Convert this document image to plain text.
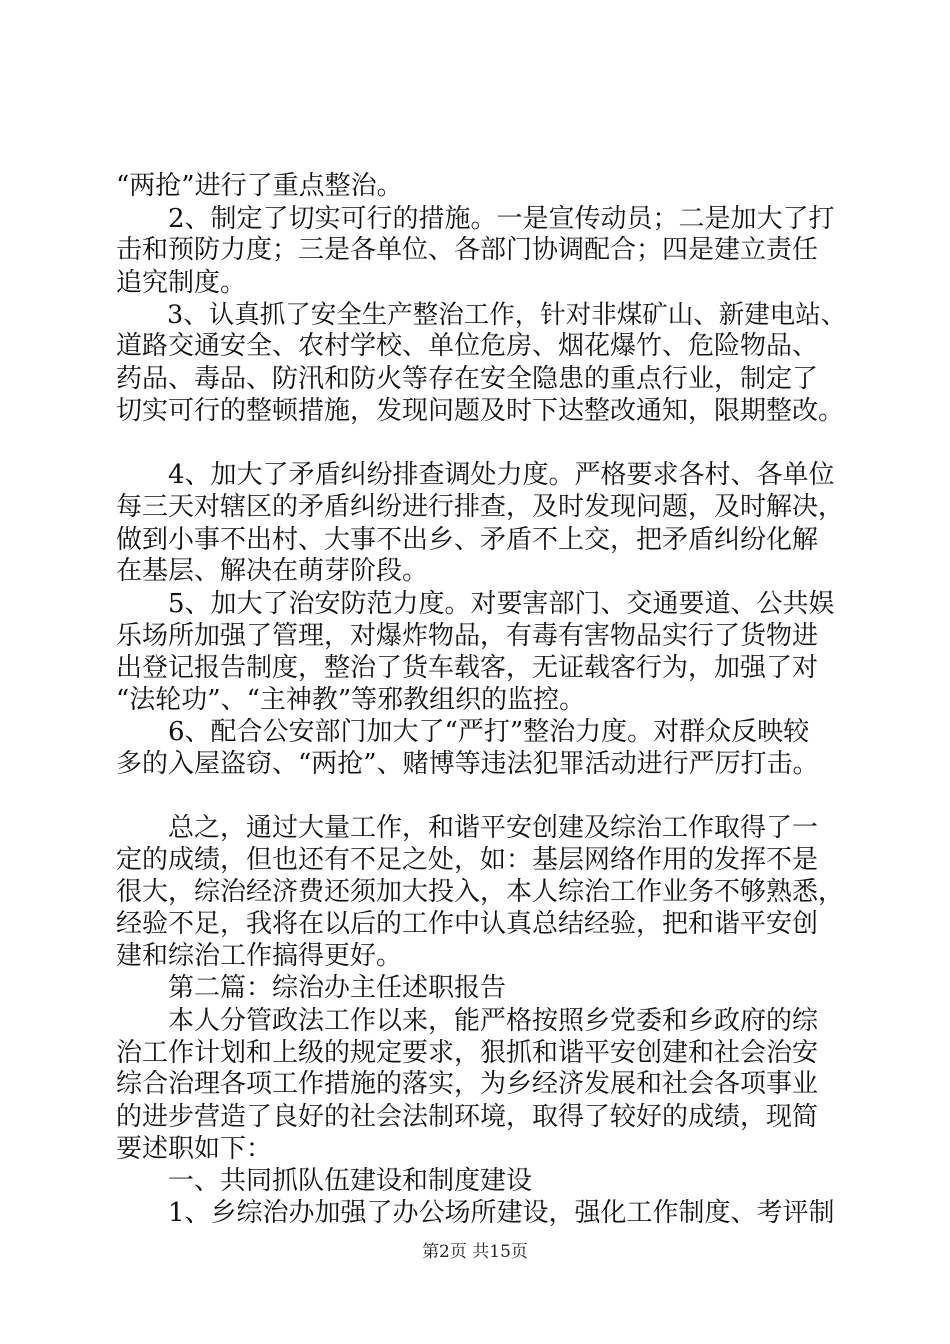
“两抢”进行了重点整治。
　　2、制定了切实可行的措施。一是宣传动员；二是加大了打
击和预防力度；三是各单位、各部门协调配合；四是建立责任
追究制度。
　　3、认真抓了安全生产整治工作，针对非煤矿山、新建电站、
道路交通安全、农村学校、单位危房、烟花爆竹、危险物品、
药品、毒品、防汛和防火等存在安全隐患的重点行业，制定了
切实可行的整顿措施，发现问题及时下达整改通知，限期整改。
　　4、加大了矛盾纠纷排查调处力度。严格要求各村、各单位
每三天对辖区的矛盾纠纷进行排查，及时发现问题，及时解决，
做到小事不出村、大事不出乡、矛盾不上交，把矛盾纠纷化解
在基层、解决在萌芽阶段。
　　5、加大了治安防范力度。对要害部门、交通要道、公共娱
乐场所加强了管理，对爆炸物品，有毒有害物品实行了货物进
出登记报告制度，整治了货车载客，无证载客行为，加强了对
“法轮功”、“主神教”等邪教组织的监控。
　　6、配合公安部门加大了“严打”整治力度。对群众反映较
多的入屋盗窃、“两抢”、赌博等违法犯罪活动进行严厉打击。
　　总之，通过大量工作，和谐平安创建及综治工作取得了一
定的成绩，但也还有不足之处，如：基层网络作用的发挥不是
很大，综治经济费还须加大投入，本人综治工作业务不够熟悉，
经验不足，我将在以后的工作中认真总结经验，把和谐平安创
建和综治工作搞得更好。
　　第二篇：综治办主任述职报告
　　本人分管政法工作以来，能严格按照乡党委和乡政府的综
治工作计划和上级的规定要求，狠抓和谐平安创建和社会治安
综合治理各项工作措施的落实，为乡经济发展和社会各项事业
的进步营造了良好的社会法制环境，取得了较好的成绩，现简
要述职如下：
　　一、共同抓队伍建设和制度建设
　　1、乡综治办加强了办公场所建设，强化工作制度、考评制
第2页 共15页
